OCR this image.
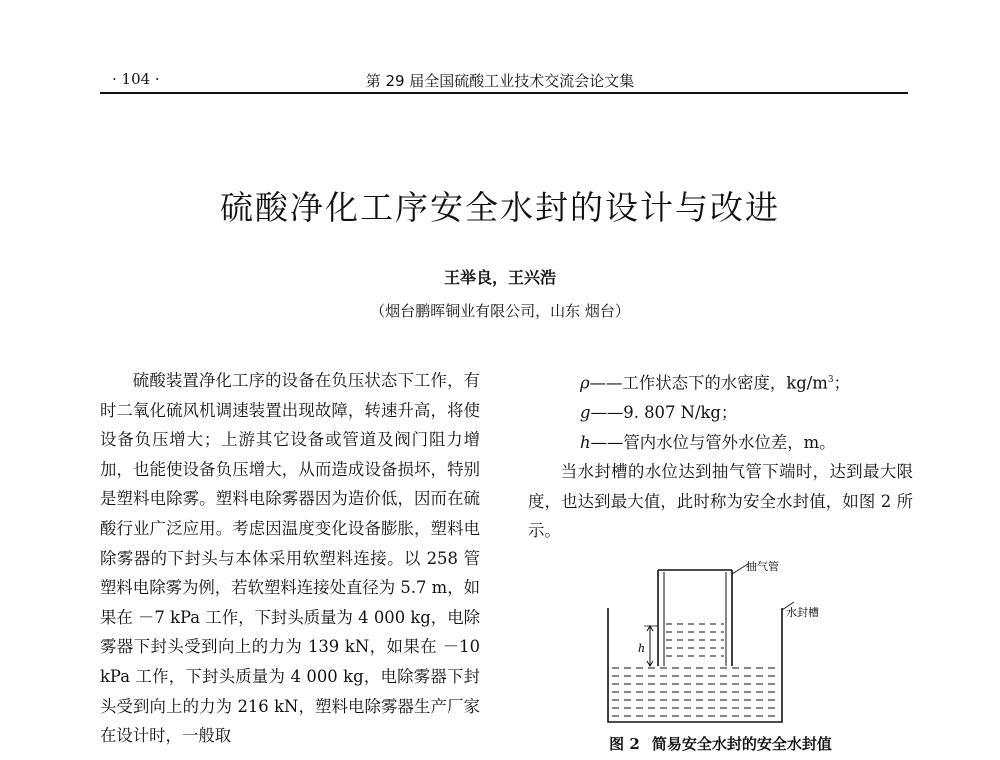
· 104 ·	第 29 届全国硫酸工业技术交流会论文集
硫酸净化工序安全水封的设计与改进
王举良，王兴浩
（烟台鹏晖铜业有限公司，山东 烟台）

硫酸装置净化工序的设备在负压状态下工作，有时二氧化硫风机调速装置出现故障，转速升高，将使设备负压增大；上游其它设备或管道及阀门阻力增加，也能使设备负压增大，从而造成设备损坏，特别是塑料电除雾。塑料电除雾器因为造价低，因而在硫酸行业广泛应用。考虑因温度变化设备膨胀，塑料电除雾器的下封头与本体采用软塑料连接。以 258 管塑料电除雾为例，若软塑料连接处直径为 5.7 m，如果在 －7 kPa 工作，下封头质量为 4 000 kg，电除雾器下封头受到向上的力为 139 kN，如果在 －10 kPa 工作，下封头质量为 4 000 kg，电除雾器下封头受到向上的力为 216 kN，塑料电除雾器生产厂家在设计时，一般取

ρ——工作状态下的水密度，$kg/m^3$；

g——9. 807 N/kg；

h——管内水位与管外水位差，m。

当水封槽的水位达到抽气管下端时，达到最大限度，也达到最大值，此时称为安全水封值，如图 2 所示。

h
抽气管
水封槽
图 2 简易安全水封的安全水封值
